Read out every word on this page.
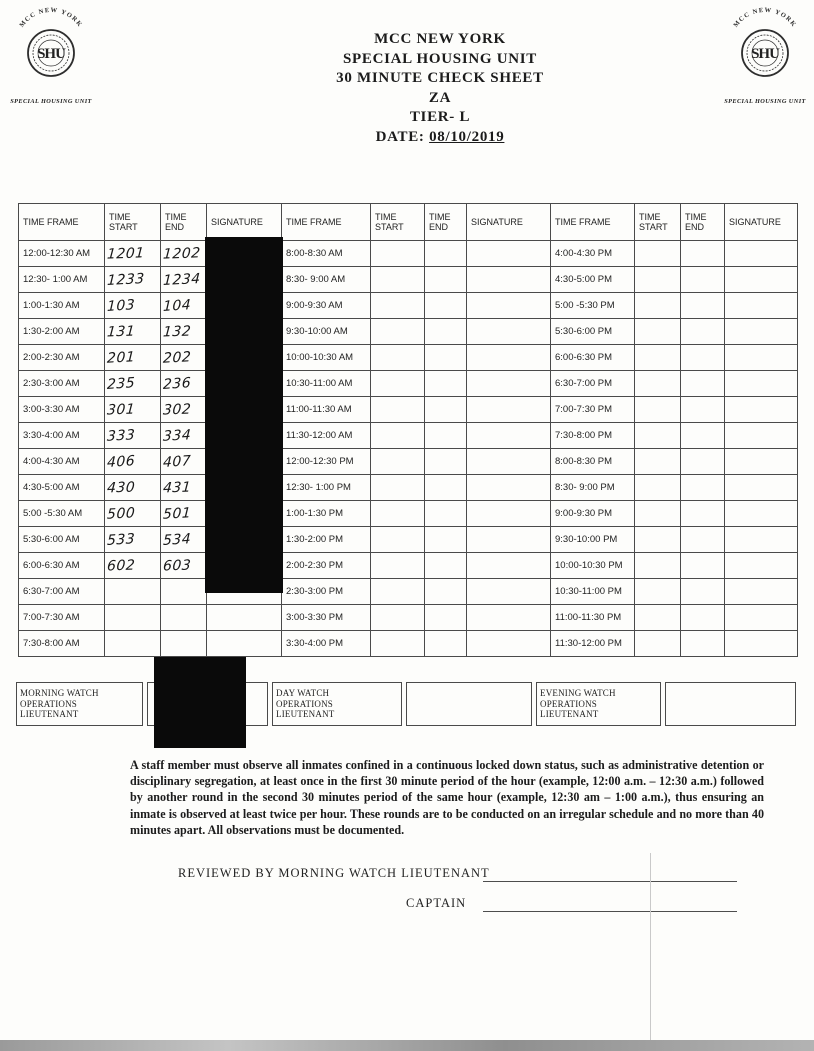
MCC NEW YORK
SHU
SPECIAL HOUSING UNIT
MCC NEW YORK
SHU
SPECIAL HOUSING UNIT
MCC NEW YORK
SPECIAL HOUSING UNIT
30 MINUTE CHECK SHEET
ZA
TIER- L
DATE: 08/10/2019
TIME FRAME	TIME START	TIME END	SIGNATURE	TIME FRAME	TIME START	TIME END	SIGNATURE	TIME FRAME	TIME START	TIME END	SIGNATURE
12:00-12:30 AM	1201	1202		8:00-8:30 AM				4:00-4:30 PM			
12:30- 1:00 AM	1233	1234		8:30- 9:00 AM				4:30-5:00 PM			
1:00-1:30 AM	103	104		9:00-9:30 AM				5:00 -5:30 PM			
1:30-2:00 AM	131	132		9:30-10:00 AM				5:30-6:00 PM			
2:00-2:30 AM	201	202		10:00-10:30 AM				6:00-6:30 PM			
2:30-3:00 AM	235	236		10:30-11:00 AM				6:30-7:00 PM			
3:00-3:30 AM	301	302		11:00-11:30 AM				7:00-7:30 PM			
3:30-4:00 AM	333	334		11:30-12:00 AM				7:30-8:00 PM			
4:00-4:30 AM	406	407		12:00-12:30 PM				8:00-8:30 PM			
4:30-5:00 AM	430	431		12:30- 1:00 PM				8:30- 9:00 PM			
5:00 -5:30 AM	500	501		1:00-1:30 PM				9:00-9:30 PM			
5:30-6:00 AM	533	534		1:30-2:00 PM				9:30-10:00 PM			
6:00-6:30 AM	602	603		2:00-2:30 PM				10:00-10:30 PM			
6:30-7:00 AM				2:30-3:00 PM				10:30-11:00 PM			
7:00-7:30 AM				3:00-3:30 PM				11:00-11:30 PM			
7:30-8:00 AM				3:30-4:00 PM				11:30-12:00 PM			
MORNING WATCH
OPERATIONS
LIEUTENANT
DAY WATCH
OPERATIONS
LIEUTENANT
EVENING WATCH
OPERATIONS
LIEUTENANT
A staff member must observe all inmates confined in a continuous locked down status, such as administrative detention or disciplinary segregation, at least once in the first 30 minute period of the hour (example, 12:00 a.m. – 12:30 a.m.) followed by another round in the second 30 minutes period of the same hour (example, 12:30 am – 1:00 a.m.), thus ensuring an inmate is observed at least twice per hour. These rounds are to be conducted on an irregular schedule and no more than 40 minutes apart. All observations must be documented.
REVIEWED BY MORNING WATCH LIEUTENANT
CAPTAIN
